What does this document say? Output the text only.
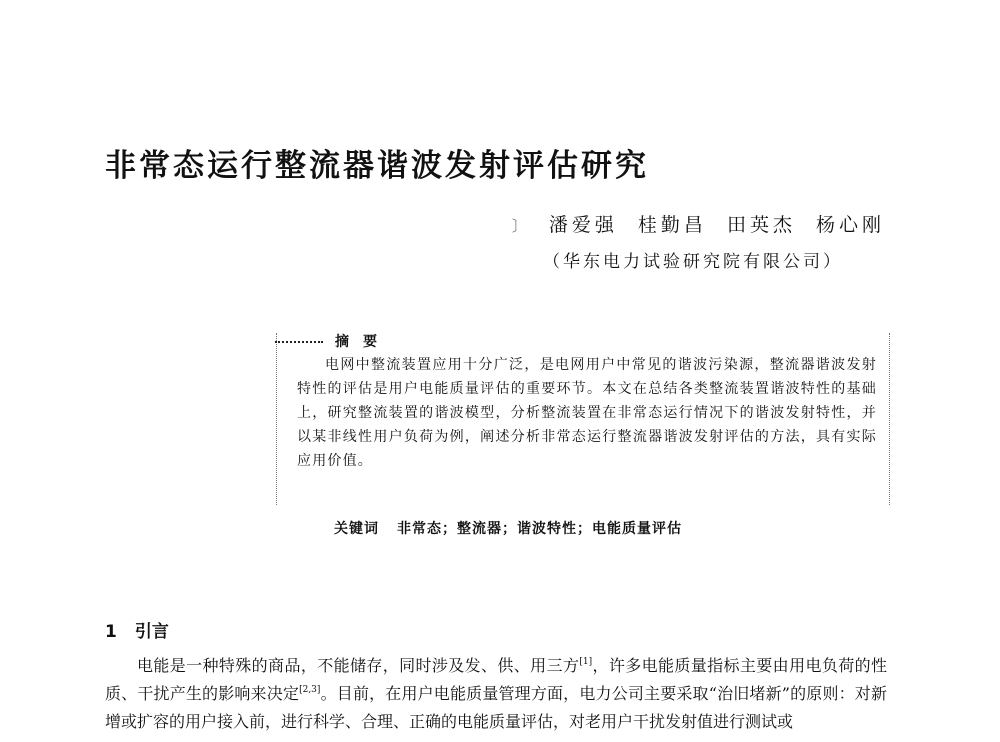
非常态运行整流器谐波发射评估研究
〕 潘爱强 桂勤昌 田英杰 杨心刚
（华东电力试验研究院有限公司）
摘要

电网中整流装置应用十分广泛，是电网用户中常见的谐波污染源，整流器谐波发射特性的评估是用户电能质量评估的重要环节。本文在总结各类整流装置谐波特性的基础上，研究整流装置的谐波模型，分析整流装置在非常态运行情况下的谐波发射特性，并以某非线性用户负荷为例，阐述分析非常态运行整流器谐波发射评估的方法，具有实际应用价值。

关键词 非常态；整流器；谐波特性；电能质量评估
1 引言

电能是一种特殊的商品，不能储存，同时涉及发、供、用三方[1]，许多电能质量指标主要由用电负荷的性质、干扰产生的影响来决定[2,3]。目前，在用户电能质量管理方面，电力公司主要采取“治旧堵新”的原则：对新增或扩容的用户接入前，进行科学、合理、正确的电能质量评估，对老用户干扰发射值进行测试或
